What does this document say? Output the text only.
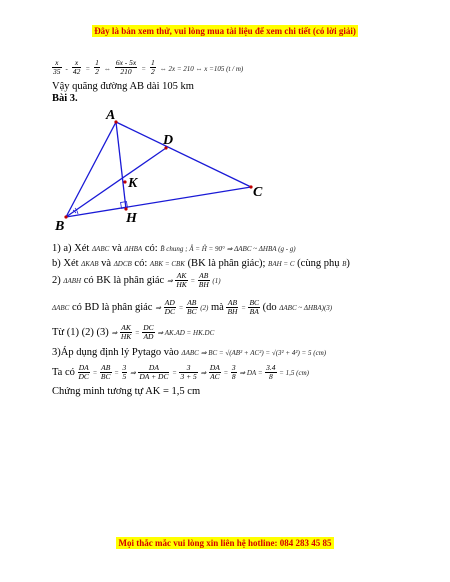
Đây là bản xem thử, vui lòng mua tài liệu để xem chi tiết (có lời giải)
$\frac{x}{35} - \frac{x}{42} = \frac{1}{2}$ ⇔ $\frac{6x - 5x}{210} = \frac{1}{2}$ ⇔ 2x = 210 ⇔ x =105 (t / m)
Vậy quãng đường AB dài 105 km
Bài 3.
A
B
C
D
K
H
1) a) Xét ΔABC và ΔHBA có: B̂ chung ; Â = Ĥ = 90° ⇒ ΔABC ~ ΔHBA (g - g)
b) Xét ΔKAB và ΔDCB có: ABK = CBK (BK là phân giác); BAH = C (cùng phụ B)
2) ΔABH có BK là phân giác ⇒ $\frac{AK}{HK} = \frac{AB}{BH} (1)$
ΔABC có BD là phân giác ⇒ $\frac{AD}{DC} = \frac{AB}{BC} (2)$ mà $\frac{AB}{BH} = \frac{BC}{BA} (do$ ΔABC ~ ΔHBA)(3)
Từ (1) (2) (3) ⇒ $\frac{AK}{HK} = \frac{DC}{AD}$ ⇒ AK.AD = HK.DC
3)Áp dụng định lý Pytago vào ΔABC ⇒ BC = √(AB² + AC²) = √(3² + 4²) = 5 (cm)
Ta có $\frac{DA}{DC} = \frac{AB}{BC} = \frac{3}{5}$ ⇒ $\frac{DA}{DA + DC} = \frac{3}{3 + 5}$ ⇒ $\frac{DA}{AC} = \frac{3}{8}$ ⇒ DA = $\frac{3.4}{8} = 1,5$ (cm)
Chứng minh tương tự AK = 1,5 cm
Mọi thắc mắc vui lòng xin liên hệ hotline: 084 283 45 85
